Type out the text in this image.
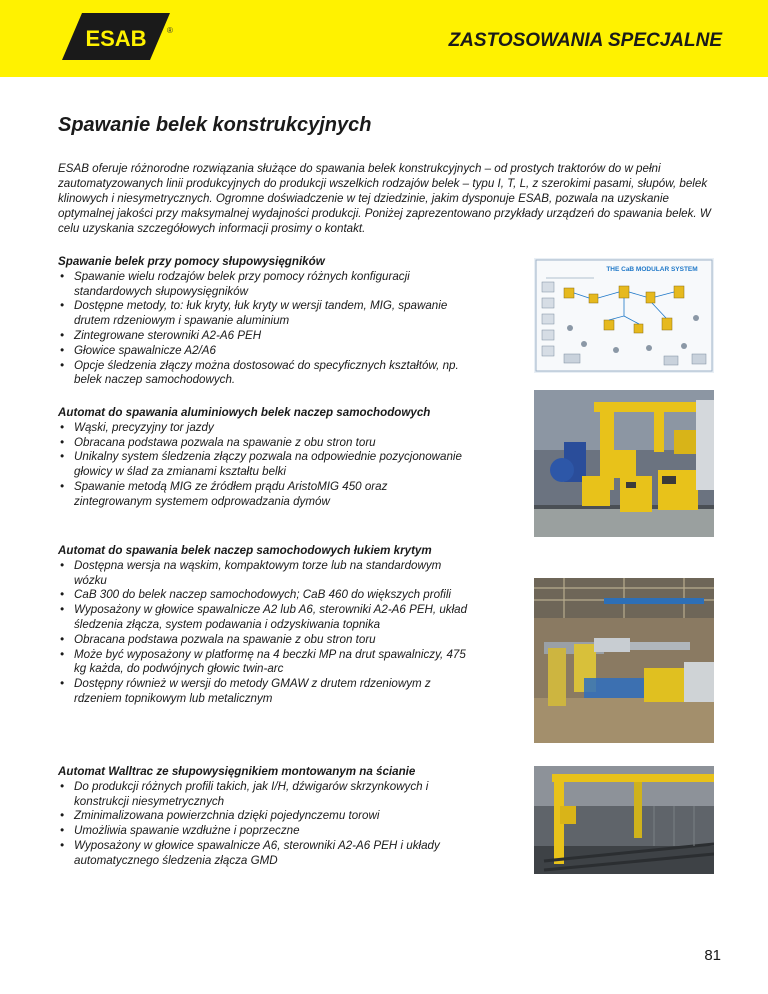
ESAB	®	ZASTOSOWANIA SPECJALNE
Spawanie belek konstrukcyjnych

ESAB oferuje różnorodne rozwiązania służące do spawania belek konstrukcyjnych – od prostych traktorów do w pełni zautomatyzowanych linii produkcyjnych do produkcji wszelkich rodzajów belek – typu I, T, L, z szerokimi pasami, słupów, belek klinowych i niesymetrycznych. Ogromne doświadczenie w tej dziedzinie, jakim dysponuje ESAB, pozwala na uzyskanie optymalnej jakości przy maksymalnej wydajności produkcji. Poniżej zaprezentowano przykłady urządzeń do spawania belek. W celu uzyskania szczegółowych informacji prosimy o kontakt.

Spawanie belek przy pomocy słupowysięgników
• Spawanie wielu rodzajów belek przy pomocy różnych konfiguracji standardowych słupowysięgników
• Dostępne metody, to: łuk kryty, łuk kryty w wersji tandem, MIG, spawanie drutem rdzeniowym i spawanie aluminium
• Zintegrowane sterowniki A2-A6 PEH
• Głowice spawalnicze A2/A6
• Opcje śledzenia złączy można dostosować do specyficznych kształtów, np. belek naczep samochodowych.
Automat do spawania aluminiowych belek naczep samochodowych
• Wąski, precyzyjny tor jazdy
• Obracana podstawa pozwala na spawanie z obu stron toru
• Unikalny system śledzenia złączy pozwala na odpowiednie pozycjonowanie głowicy w ślad za zmianami kształtu belki
• Spawanie metodą MIG ze źródłem prądu AristoMIG 450 oraz zintegrowanym systemem odprowadzania dymów
Automat do spawania belek naczep samochodowych łukiem krytym
• Dostępna wersja na wąskim, kompaktowym torze lub na standardowym wózku
• CaB 300 do belek naczep samochodowych; CaB 460 do większych profili
• Wyposażony w głowice spawalnicze A2 lub A6, sterowniki A2-A6 PEH, układ śledzenia złącza, system podawania i odzyskiwania topnika
• Obracana podstawa pozwala na spawanie z obu stron toru
• Może być wyposażony w platformę na 4 beczki MP na drut spawalniczy, 475 kg każda, do podwójnych głowic twin-arc
• Dostępny również w wersji do metody GMAW z drutem rdzeniowym z rdzeniem topnikowym lub metalicznym
Automat Walltrac ze słupowysięgnikiem montowanym na ścianie
• Do produkcji różnych profili takich, jak I/H, dźwigarów skrzynkowych i konstrukcji niesymetrycznych
• Zminimalizowana powierzchnia dzięki pojedynczemu torowi
• Umożliwia spawanie wzdłużne i poprzeczne
• Wyposażony w głowice spawalnicze A6, sterowniki A2-A6 PEH i układy automatycznego śledzenia złącza GMD
THE CaB MODULAR SYSTEM
81
